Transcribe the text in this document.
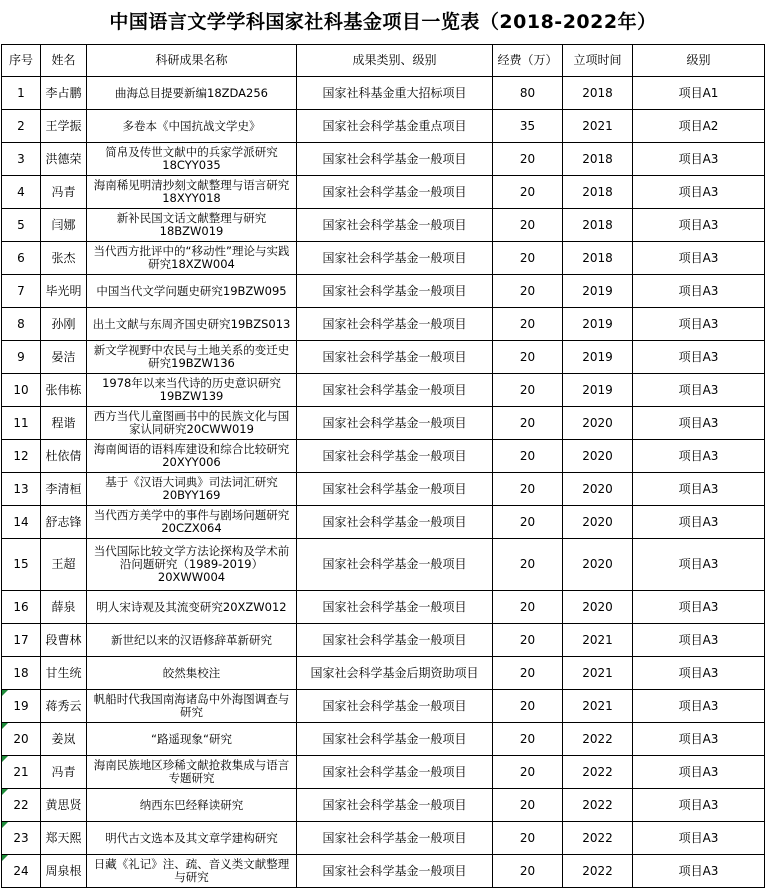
中国语言文学学科国家社科基金项目一览表（2018-2022年）
序号	姓名	科研成果名称	成果类别、级别	经费（万）	立项时间	级别
1	李占鹏	曲海总目提要新编18ZDA256	国家社科基金重大招标项目	80	2018	项目A1
2	王学振	多卷本《中国抗战文学史》	国家社会科学基金重点项目	35	2021	项目A2
3	洪德荣	简帛及传世文献中的兵家学派研究18CYY035	国家社会科学基金一般项目	20	2018	项目A3
4	冯青	海南稀见明清抄刻文献整理与语言研究18XYY018	国家社会科学基金一般项目	20	2018	项目A3
5	闫娜	新补民国文话文献整理与研究18BZW019	国家社会科学基金一般项目	20	2018	项目A3
6	张杰	当代西方批评中的“移动性”理论与实践研究18XZW004	国家社会科学基金一般项目	20	2018	项目A3
7	毕光明	中国当代文学问题史研究19BZW095	国家社会科学基金一般项目	20	2019	项目A3
8	孙刚	出土文献与东周齐国史研究19BZS013	国家社会科学基金一般项目	20	2019	项目A3
9	晏洁	新文学视野中农民与土地关系的变迁史研究19BZW136	国家社会科学基金一般项目	20	2019	项目A3
10	张伟栋	1978年以来当代诗的历史意识研究19BZW139	国家社会科学基金一般项目	20	2019	项目A3
11	程谐	西方当代儿童图画书中的民族文化与国家认同研究20CWW019	国家社会科学基金一般项目	20	2020	项目A3
12	杜依倩	海南闽语的语料库建设和综合比较研究20XYY006	国家社会科学基金一般项目	20	2020	项目A3
13	李清桓	基于《汉语大词典》司法词汇研究20BYY169	国家社会科学基金一般项目	20	2020	项目A3
14	舒志锋	当代西方美学中的事件与剧场问题研究20CZX064	国家社会科学基金一般项目	20	2020	项目A3
15	王超	当代国际比较文学方法论探构及学术前沿问题研究（1989-2019）20XWW004	国家社会科学基金一般项目	20	2020	项目A3
16	薛泉	明人宋诗观及其流变研究20XZW012	国家社会科学基金一般项目	20	2020	项目A3
17	段曹林	新世纪以来的汉语修辞革新研究	国家社会科学基金一般项目	20	2021	项目A3
18	甘生统	皎然集校注	国家社会科学基金后期资助项目	20	2021	项目A3
19	蒋秀云	帆船时代我国南海诸岛中外海图调查与研究	国家社会科学基金一般项目	20	2021	项目A3
20	姜岚	“路遥现象“研究	国家社会科学基金一般项目	20	2022	项目A3
21	冯青	海南民族地区珍稀文献抢救集成与语言专题研究	国家社会科学基金一般项目	20	2022	项目A3
22	黄思贤	纳西东巴经释读研究	国家社会科学基金一般项目	20	2022	项目A3
23	郑天熙	明代古文选本及其文章学建构研究	国家社会科学基金一般项目	20	2022	项目A3
24	周泉根	日藏《礼记》注、疏、音义类文献整理与研究	国家社会科学基金一般项目	20	2022	项目A3
